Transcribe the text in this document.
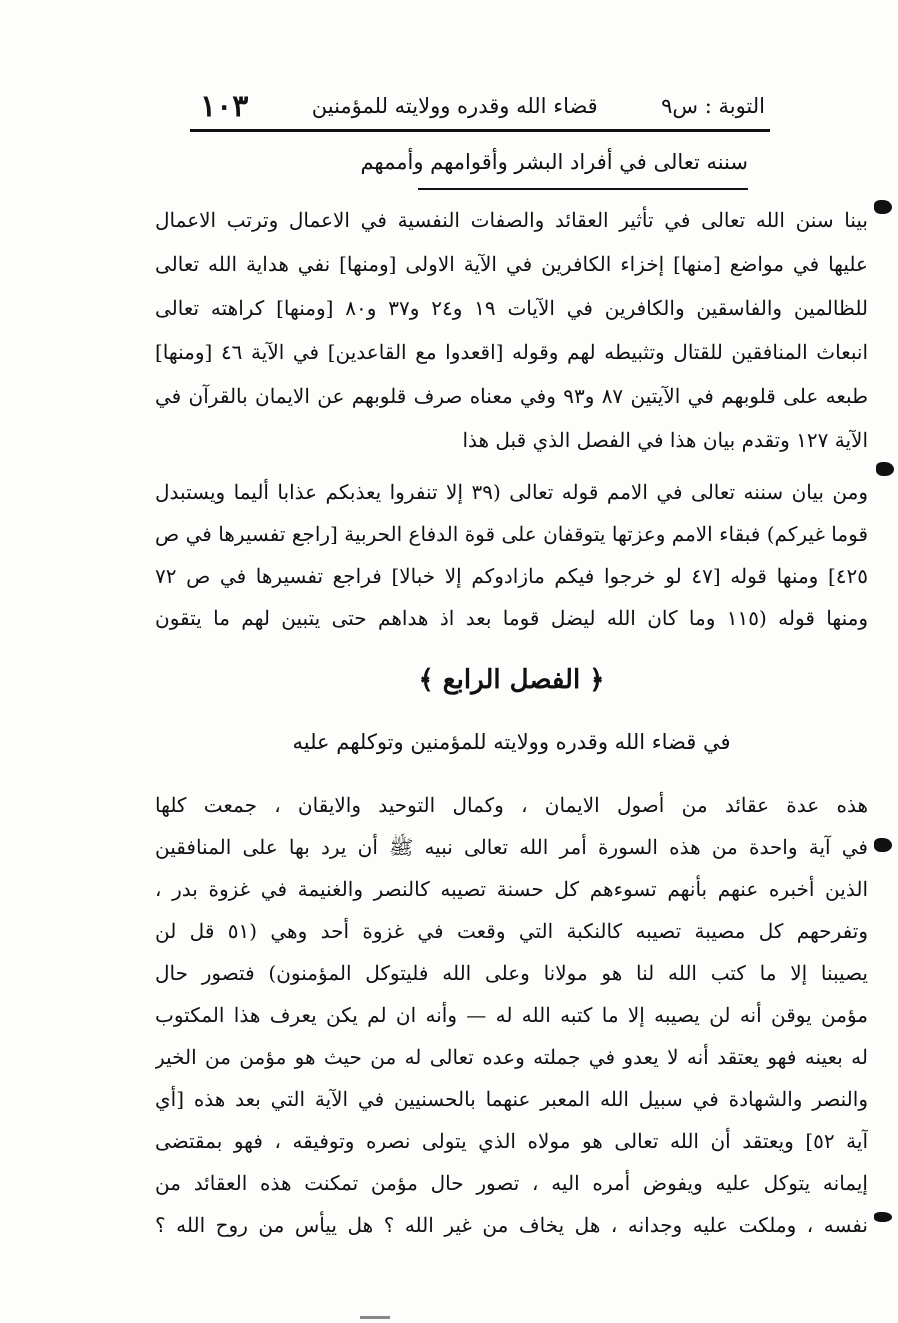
التوبة : س٩
قضاء الله وقدره وولايته للمؤمنين
١٠٣
سننه تعالى في أفراد البشر وأقوامهم وأممهم
بينا سنن الله تعالى في تأثير العقائد والصفات النفسية في الاعمال وترتب الاعمال
عليها في مواضع [منها] إخزاء الكافرين في الآية الاولى [ومنها] نفي هداية الله تعالى
للظالمين والفاسقين والكافرين في الآيات ١٩ و٢٤ و٣٧ و٨٠ [ومنها] كراهته تعالى
انبعاث المنافقين للقتال وتثبيطه لهم وقوله [اقعدوا مع القاعدين] في الآية ٤٦ [ومنها]
طبعه على قلوبهم في الآيتين ٨٧ و٩٣ وفي معناه صرف قلوبهم عن الايمان بالقرآن في
الآية ١٢٧ وتقدم بيان هذا في الفصل الذي قبل هذا
ومن بيان سننه تعالى في الامم قوله تعالى (٣٩ إلا تنفروا يعذبكم عذابا أليما ويستبدل
قوما غيركم) فبقاء الامم وعزتها يتوقفان على قوة الدفاع الحربية [راجع تفسيرها في ص
٤٢٥] ومنها قوله [٤٧ لو خرجوا فيكم مازادوكم إلا خبالا] فراجع تفسيرها في ص ٧٢
ومنها قوله (١١٥ وما كان الله ليضل قوما بعد اذ هداهم حتى يتبين لهم ما يتقون
﴿ الفصل الرابع ﴾
في قضاء الله وقدره وولايته للمؤمنين وتوكلهم عليه
هذه عدة عقائد من أصول الايمان ، وكمال التوحيد والايقان ، جمعت كلها
في آية واحدة من هذه السورة أمر الله تعالى نبيه ﷺ أن يرد بها على المنافقين
الذين أخبره عنهم بأنهم تسوءهم كل حسنة تصيبه كالنصر والغنيمة في غزوة بدر ،
وتفرحهم كل مصيبة تصيبه كالنكبة التي وقعت في غزوة أحد وهي (٥١ قل لن
يصيبنا إلا ما كتب الله لنا هو مولانا وعلى الله فليتوكل المؤمنون) فتصور حال
مؤمن يوقن أنه لن يصيبه إلا ما كتبه الله له — وأنه ان لم يكن يعرف هذا المكتوب
له بعينه فهو يعتقد أنه لا يعدو في جملته وعده تعالى له من حيث هو مؤمن من الخير
والنصر والشهادة في سبيل الله المعبر عنهما بالحسنيين في الآية التي بعد هذه [أي
آية ٥٢] ويعتقد أن الله تعالى هو مولاه الذي يتولى نصره وتوفيقه ، فهو بمقتضى
إيمانه يتوكل عليه ويفوض أمره اليه ، تصور حال مؤمن تمكنت هذه العقائد من
نفسه ، وملكت عليه وجدانه ، هل يخاف من غير الله ؟ هل ييأس من روح الله ؟
